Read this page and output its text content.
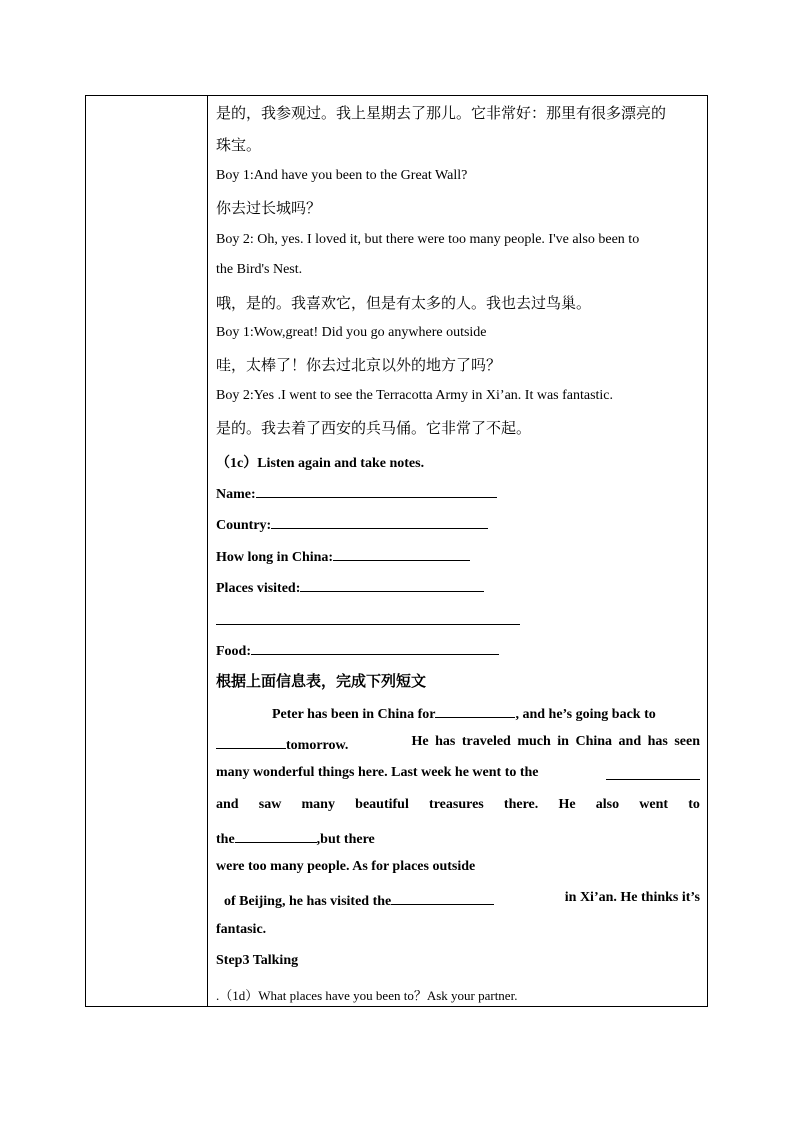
是的，我参观过。我上星期去了那儿。它非常好：那里有很多漂亮的
珠宝。
Boy 1:And have you been to the Great Wall?
你去过长城吗？
Boy 2: Oh, yes. I loved it, but there were too many people. I've also been to
the Bird's Nest.
哦，是的。我喜欢它，但是有太多的人。我也去过鸟巢。
Boy 1:Wow,great! Did you go anywhere outside
哇，太棒了！你去过北京以外的地方了吗？
Boy 2:Yes .I went to see the Terracotta Army in Xi’an. It was fantastic.
是的。我去着了西安的兵马俑。它非常了不起。
（1c）Listen again and take notes.
Name:
Country:
How long in China:
Places visited:
Food:
根据上面信息表，完成下列短文
Peter has been in China for	, and he’s going back to
tomorrow.	He has traveled much in China and has seen
many wonderful things here. Last week he went to the
and saw many beautiful treasures there. He also went to
the	,but there
were too many people. As for places outside
of Beijing, he has visited the	in Xi’an. He thinks it’s
fantasic.
Step3 Talking
.（1d）What places have you been to？Ask your partner.
